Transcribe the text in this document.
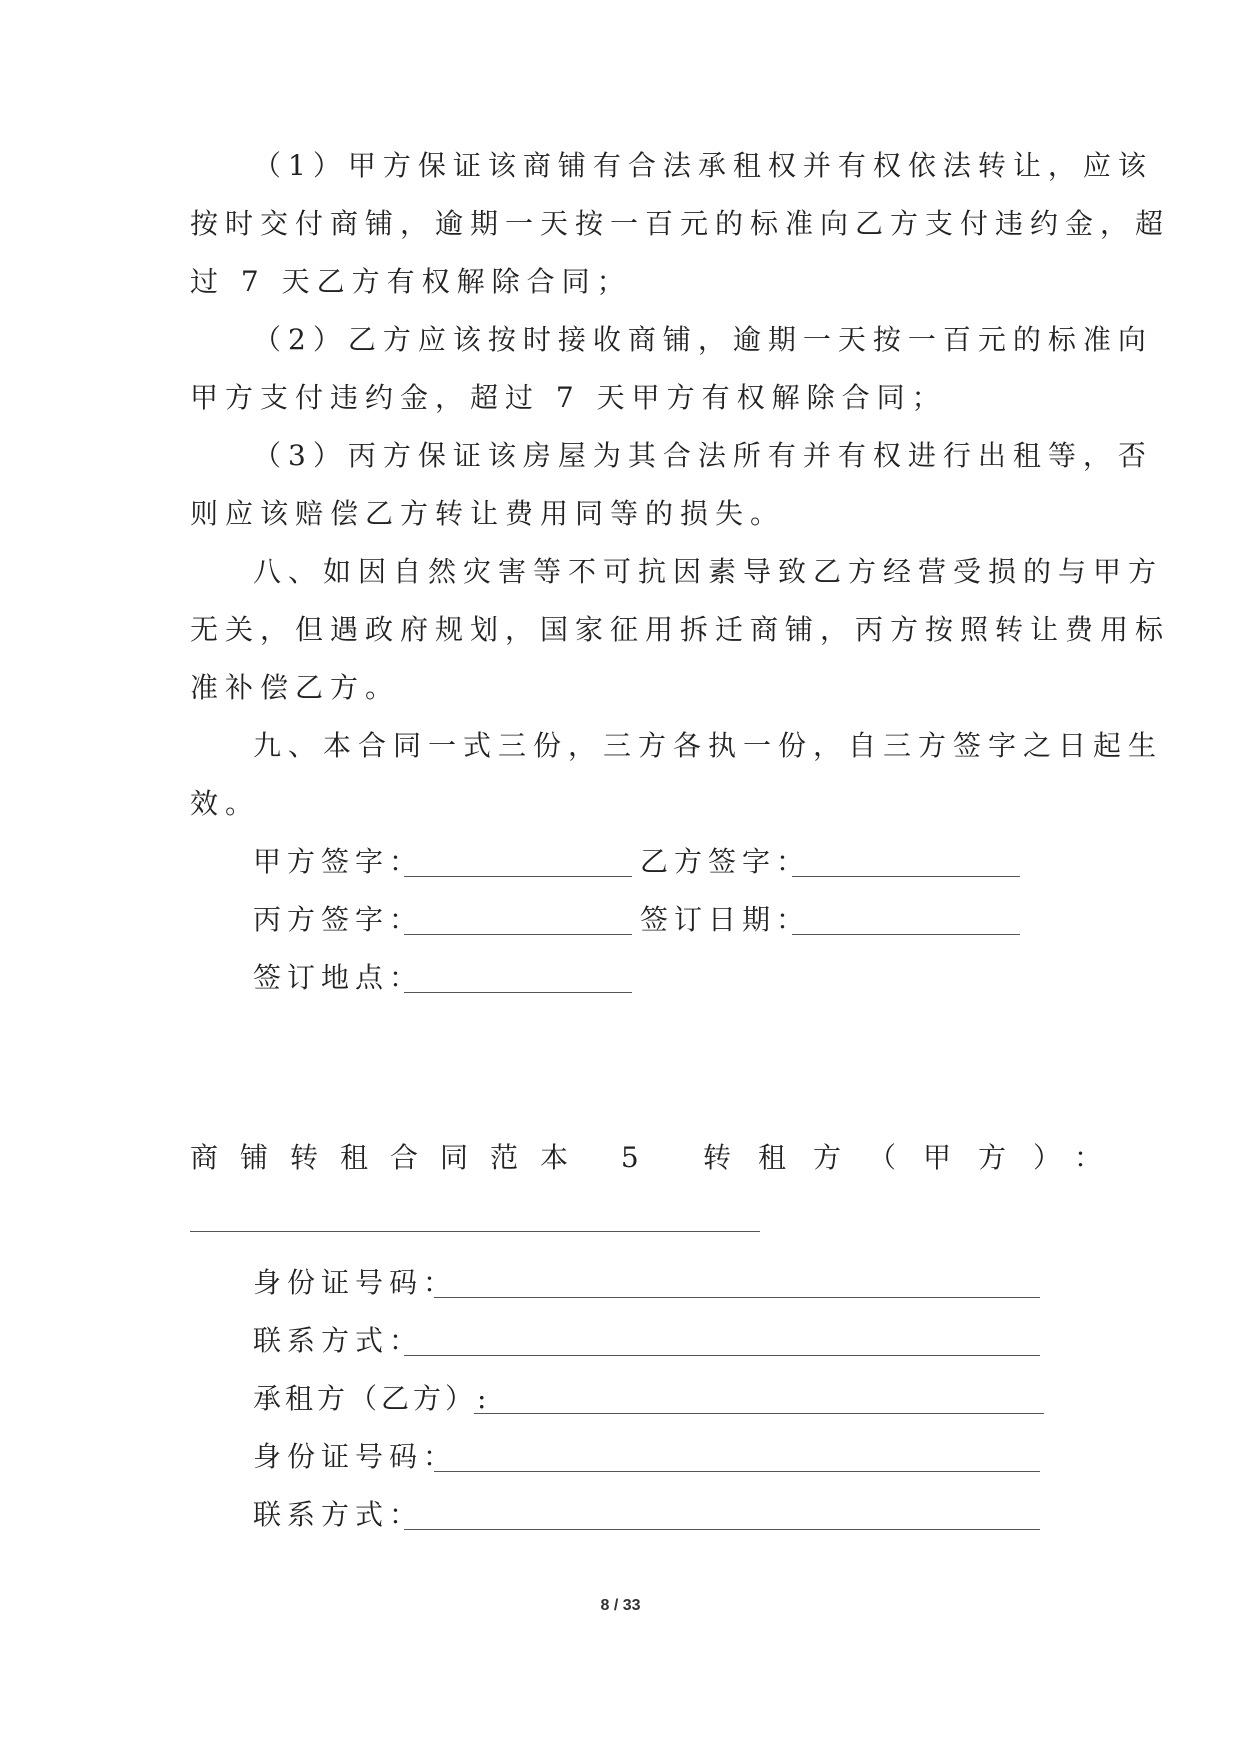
（1）甲方保证该商铺有合法承租权并有权依法转让，应该
按时交付商铺，逾期一天按一百元的标准向乙方支付违约金，超
过 7 天乙方有权解除合同；
（2）乙方应该按时接收商铺，逾期一天按一百元的标准向
甲方支付违约金，超过 7 天甲方有权解除合同；
（3）丙方保证该房屋为其合法所有并有权进行出租等，否
则应该赔偿乙方转让费用同等的损失。
八、如因自然灾害等不可抗因素导致乙方经营受损的与甲方
无关，但遇政府规划，国家征用拆迁商铺，丙方按照转让费用标
准补偿乙方。
九、本合同一式三份，三方各执一份，自三方签字之日起生
效。
甲方签字：	乙方签字：
丙方签字：	签订日期：
签订地点：
商铺转租合同范本 5 转租方（甲方）：
身份证号码：
联系方式：
承租方（乙方）:
身份证号码：
联系方式：
8 / 33
